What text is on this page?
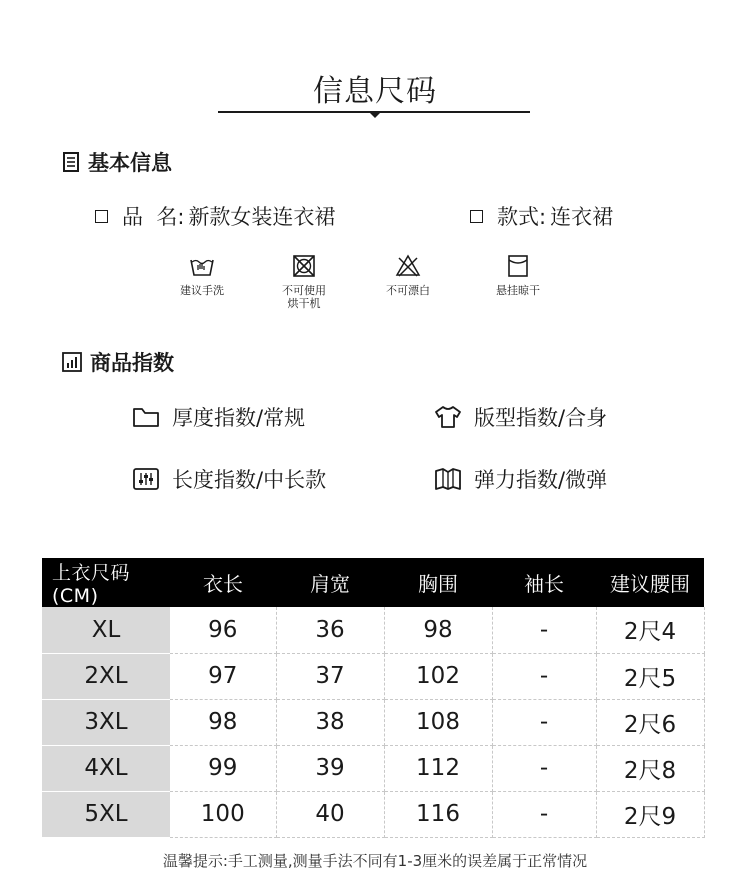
信息尺码
基本信息
品  名: 新款女装连衣裙	款式: 连衣裙
建议手洗	不可使用
烘干机
不可漂白	悬挂晾干
商品指数
厚度指数/常规	版型指数/合身
长度指数/中长款	弹力指数/微弹
上衣尺码(CM)	衣长	肩宽	胸围	袖长	建议腰围
XL	96	36	98	-	2尺4
2XL	97	37	102	-	2尺5
3XL	98	38	108	-	2尺6
4XL	99	39	112	-	2尺8
5XL	100	40	116	-	2尺9
温馨提示:手工测量,测量手法不同有1-3厘米的误差属于正常情况
